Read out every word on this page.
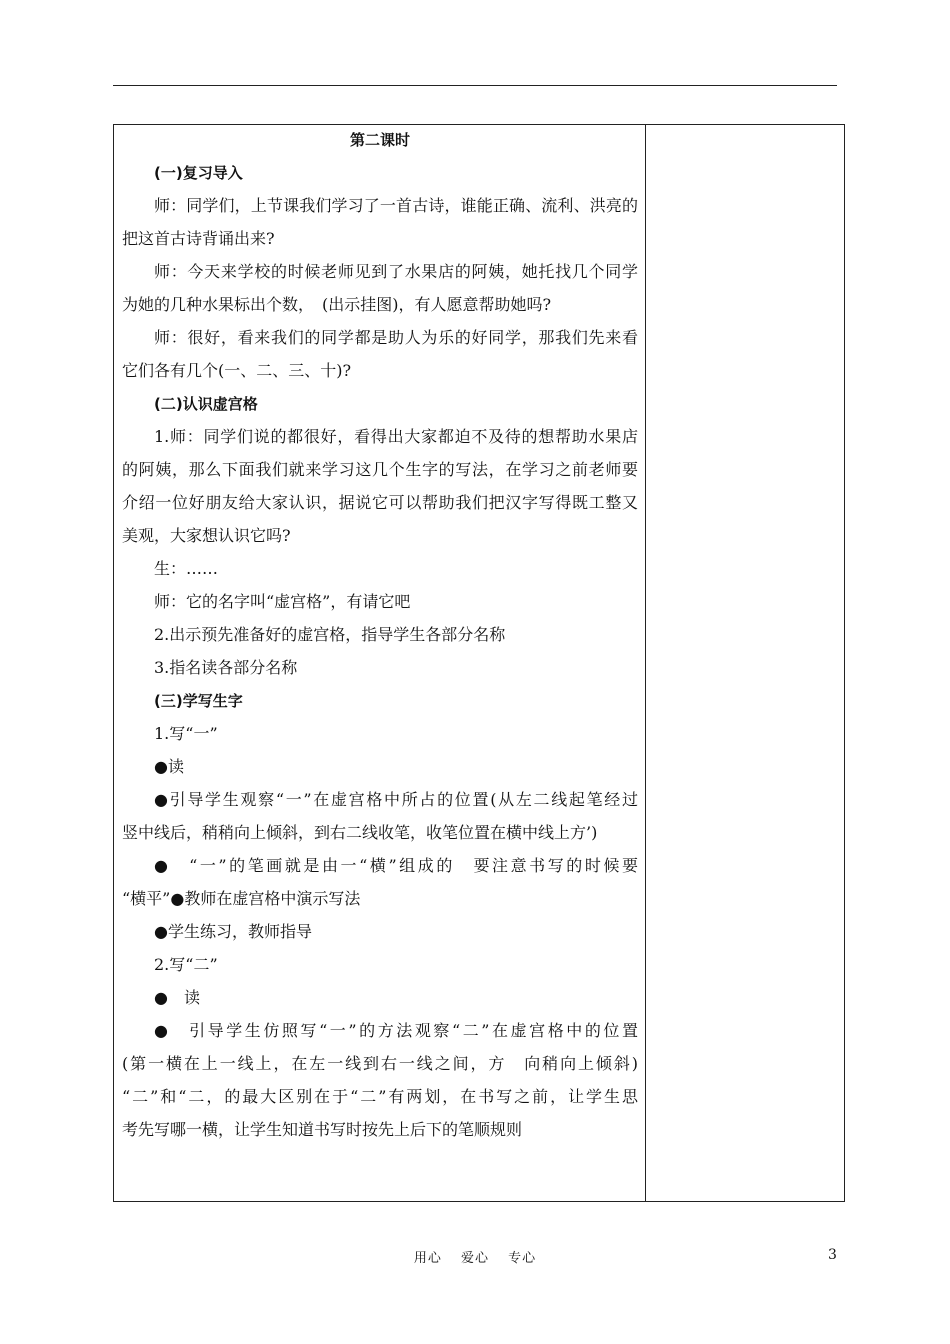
第二课时
(一)复习导入
师：同学们，上节课我们学习了一首古诗，谁能正确、流利、洪亮的
把这首古诗背诵出来?
师：今天来学校的时候老师见到了水果店的阿姨，她托找几个同学
为她的几种水果标出个数，　(出示挂图)，有人愿意帮助她吗?
师：很好，看来我们的同学都是助人为乐的好同学，那我们先来看
它们各有几个(一、二、三、十)?
(二)认识虚宫格
1.师：同学们说的都很好，看得出大家都迫不及待的想帮助水果店
的阿姨，那么下面我们就来学习这几个生字的写法，在学习之前老师要
介绍一位好朋友给大家认识，据说它可以帮助我们把汉字写得既工整又
美观，大家想认识它吗?
生：……
师：它的名字叫“虚宫格”，有请它吧
2.出示预先准备好的虚宫格，指导学生各部分名称
3.指名读各部分名称
(三)学写生字
1.写“一”
●读
●引导学生观察“一”在虚宫格中所占的位置(从左二线起笔经过
竖中线后，稍稍向上倾斜，到右二线收笔，收笔位置在横中线上方’)
●　“一”的笔画就是由一“横”组成的　要注意书写的时候要
“横平”●教师在虚宫格中演示写法
●学生练习，教师指导
2.写“二”
●　读
●　引导学生仿照写“一”的方法观察“二”在虚宫格中的位置
(第一横在上一线上，在左一线到右一线之间，方　向稍向上倾斜)
“二”和“二，的最大区别在于“二”有两划，在书写之前，让学生思
考先写哪一横，让学生知道书写时按先上后下的笔顺规则
用心 爱心 专心	3
